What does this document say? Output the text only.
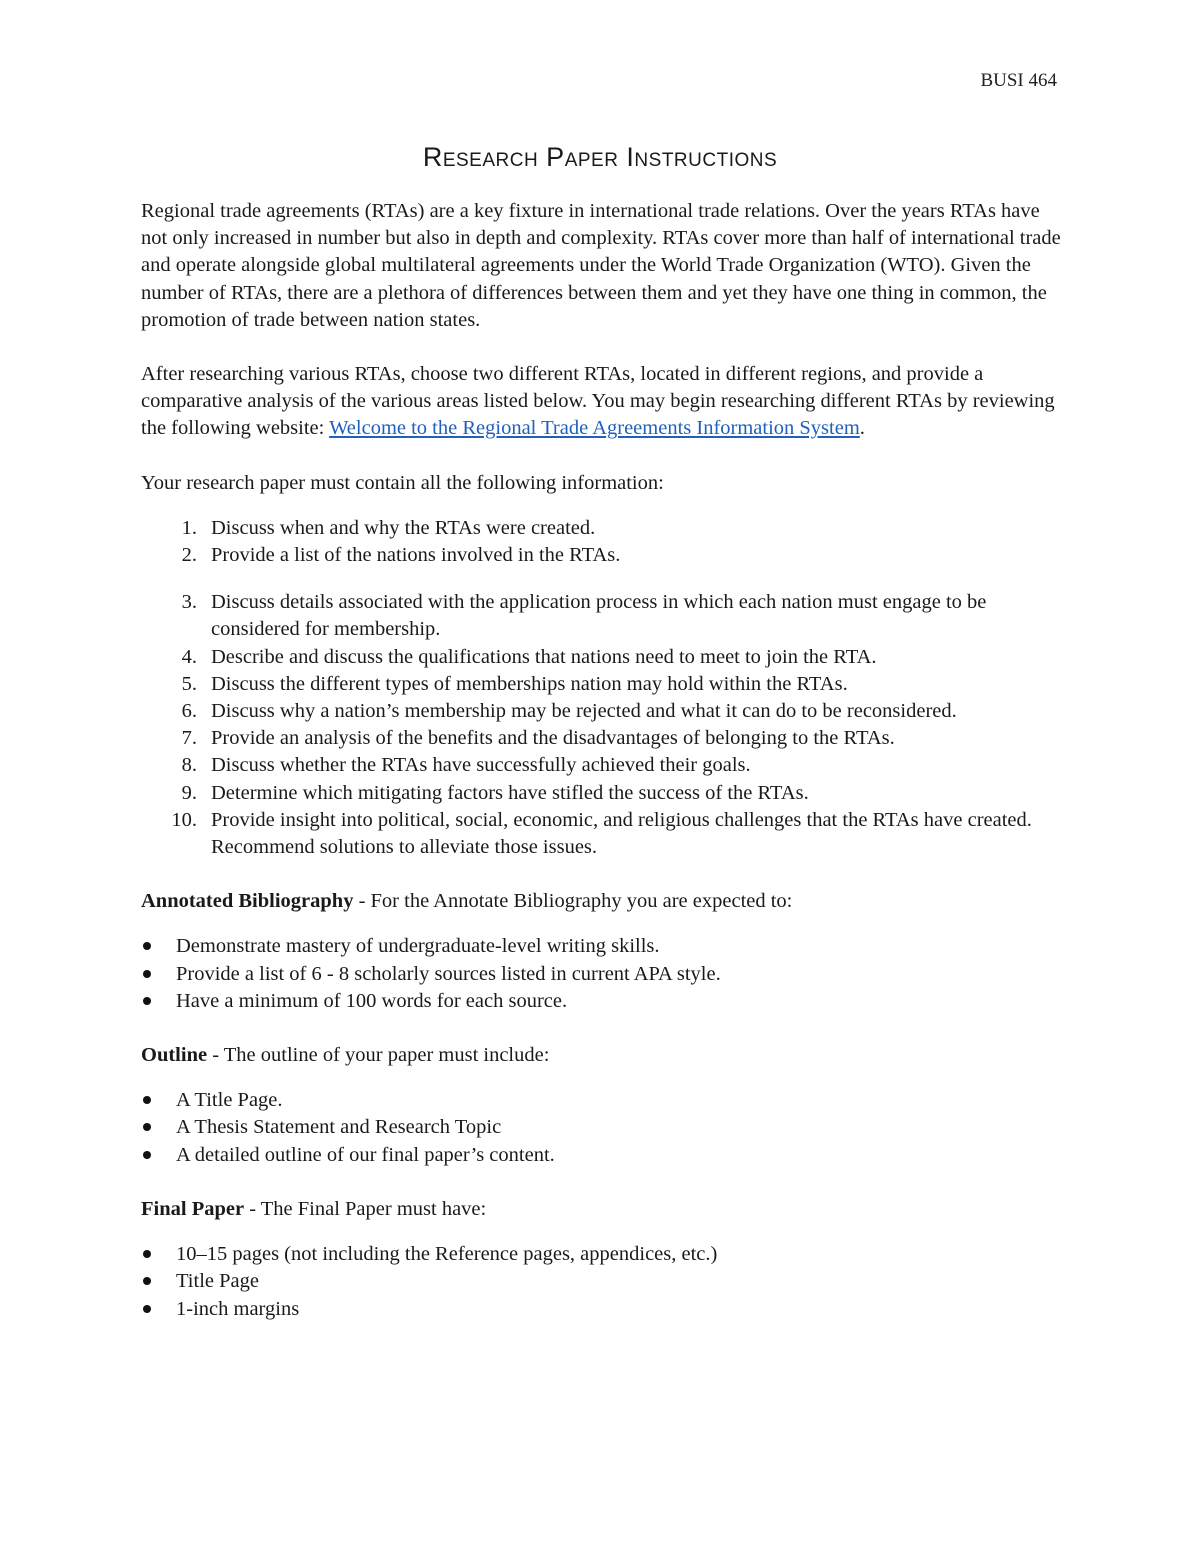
BUSI 464
Research Paper Instructions

Regional trade agreements (RTAs) are a key fixture in international trade relations. Over the years RTAs have not only increased in number but also in depth and complexity. RTAs cover more than half of international trade and operate alongside global multilateral agreements under the World Trade Organization (WTO). Given the number of RTAs, there are a plethora of differences between them and yet they have one thing in common, the promotion of trade between nation states.

After researching various RTAs, choose two different RTAs, located in different regions, and provide a comparative analysis of the various areas listed below. You may begin researching different RTAs by reviewing the following website: Welcome to the Regional Trade Agreements Information System.

Your research paper must contain all the following information:

1. Discuss when and why the RTAs were created.
2. Provide a list of the nations involved in the RTAs.
3. Discuss details associated with the application process in which each nation must engage to be considered for membership.
4. Describe and discuss the qualifications that nations need to meet to join the RTA.
5. Discuss the different types of memberships nation may hold within the RTAs.
6. Discuss why a nation’s membership may be rejected and what it can do to be reconsidered.
7. Provide an analysis of the benefits and the disadvantages of belonging to the RTAs.
8. Discuss whether the RTAs have successfully achieved their goals.
9. Determine which mitigating factors have stifled the success of the RTAs.
10. Provide insight into political, social, economic, and religious challenges that the RTAs have created. Recommend solutions to alleviate those issues.

Annotated Bibliography - For the Annotate Bibliography you are expected to:

Demonstrate mastery of undergraduate-level writing skills.
Provide a list of 6 - 8 scholarly sources listed in current APA style.
Have a minimum of 100 words for each source.

Outline - The outline of your paper must include:

A Title Page.
A Thesis Statement and Research Topic
A detailed outline of our final paper’s content.

Final Paper - The Final Paper must have:

10–15 pages (not including the Reference pages, appendices, etc.)
Title Page
1-inch margins
